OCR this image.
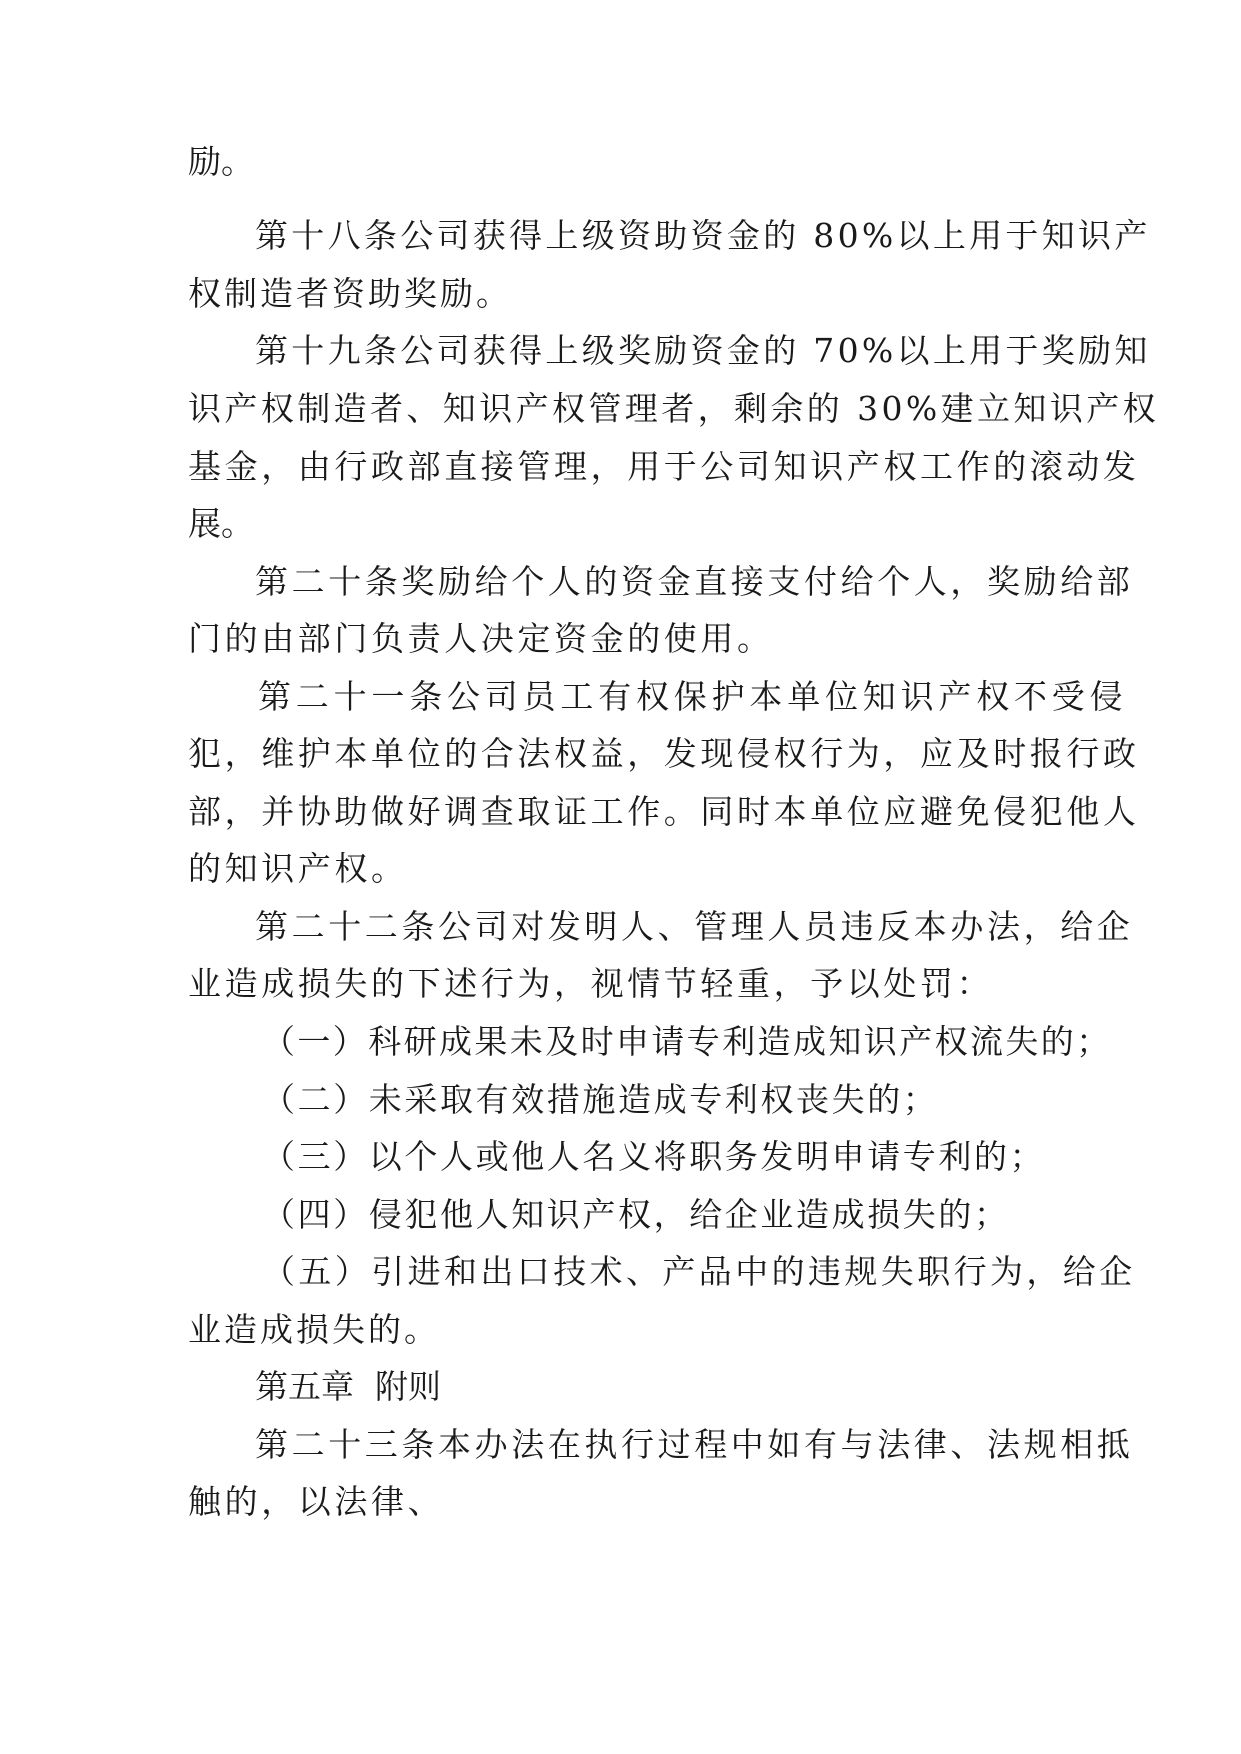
励。
第十八条公司获得上级资助资金的 80%以上用于知识产
权制造者资助奖励。
第十九条公司获得上级奖励资金的 70%以上用于奖励知
识产权制造者、知识产权管理者，剩余的 30%建立知识产权
基金，由行政部直接管理，用于公司知识产权工作的滚动发
展。
第二十条奖励给个人的资金直接支付给个人，奖励给部
门的由部门负责人决定资金的使用。
第二十一条公司员工有权保护本单位知识产权不受侵
犯，维护本单位的合法权益，发现侵权行为，应及时报行政
部，并协助做好调查取证工作。同时本单位应避免侵犯他人
的知识产权。
第二十二条公司对发明人、管理人员违反本办法，给企
业造成损失的下述行为，视情节轻重，予以处罚：
（一）科研成果未及时申请专利造成知识产权流失的；
（二）未采取有效措施造成专利权丧失的；
（三）以个人或他人名义将职务发明申请专利的；
（四）侵犯他人知识产权，给企业造成损失的；
（五）引进和出口技术、产品中的违规失职行为，给企
业造成损失的。
第五章  附则
第二十三条本办法在执行过程中如有与法律、法规相抵
触的，以法律、
